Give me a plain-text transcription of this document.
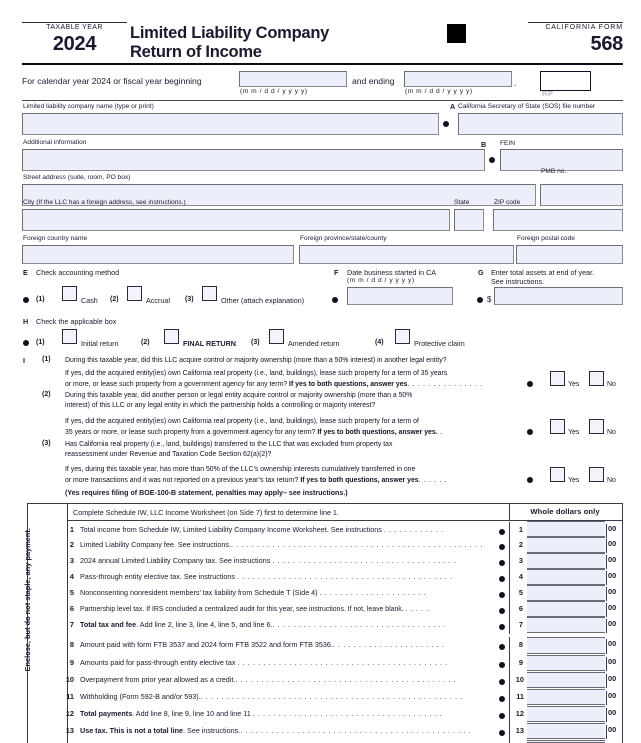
TAXABLE YEAR
2024	Limited Liability Company
Return of Income
CALIFORNIA FORM
568
For calendar year 2024 or fiscal year beginning
(m m / d d / y y y y)
and ending
(m m / d d / y y y y)
.
RP
Limited liability company name (type or print)	A California Secretary of State (SOS) file number
Additional information	B FEIN
Street address (suite, room, PO box)
PMB no.
City (If the LLC has a foreign address, see instructions.)	State	ZIP code
Foreign country name	Foreign province/state/county	Foreign postal code
E Check accounting method
(1)	Cash (2)	Accrual (3)	Other (attach explanation)
F Date business started in CA
(m m / d d / y y y y)
G Enter total assets at end of year.
See instructions.
$
H Check the applicable box
(1)	Initial return	(2)	FINAL RETURN (3)	Amended return	(4)	Protective claim
I (1) During this taxable year, did this LLC acquire control or majority ownership (more than a 50% interest) in another legal entity?
If yes, did the acquired entity(ies) own California real property (i.e., land, buildings), lease such property for a term of 35 years
or more, or lease such property from a government agency for any term? If yes to both questions, answer yes. . . . . . . . . . . . . . .	Yes	No
(2) During this taxable year, did another person or legal entity acquire control or majority ownership (more than a 50%
interest) of this LLC or any legal entity in which the partnership holds a controlling or majority interest?
If yes, did the acquired entity(ies) own California real property (i.e., land, buildings), lease such property for a term of
35 years or more, or lease such property from a government agency for any term? If yes to both questions, answer yes. .	Yes	No
(3) Has California real property (i.e., land, buildings) transferred to the LLC that was excluded from property tax
reassessment under Revenue and Taxation Code Section 62(a)(2)?
If yes, during this taxable year, has more than 50% of the LLC’s ownership interests cumulatively transferred in one
or more transactions and it was not reported on a previous year’s tax return? If yes to both questions, answer yes. . . . . .	Yes	No
(Yes requires filing of BOE-100-B statement, penalties may apply– see instructions.)
Enclose, but do not staple, any payment.
Complete Schedule IW, LLC Income Worksheet (on Side 7) first to determine line 1.	Whole dollars only
1 Total income from Schedule IW, Limited Liability Company Income Worksheet. See instructions . . . . . . . . . . . .	1	00
2 Limited Liability Company fee. See instructions.. . . . . . . . . . . . . . . . . . . . . . . . . . . . . . . . . . . . . . . . . . . . . . . . .	2	00
3 2024 annual Limited Liability Company tax. See instructions . . . . . . . . . . . . . . . . . . . . . . . . . . . . . . . . . . . .	3	00
4 Pass-through entity elective tax. See instructions . . . . . . . . . . . . . . . . . . . . . . . . . . . . . . . . . . . . . . . . . .	4	00
5 Nonconsenting nonresident members’ tax liability from Schedule T (Side 4) . . . . . . . . . . . . . . . . . . . . .	5	00
6 Partnership level tax. If IRS concluded a centralized audit for this year, see instructions. If not, leave blank. . . . . .	6	00
7 Total tax and fee. Add line 2, line 3, line 4, line 5, and line 6.. . . . . . . . . . . . . . . . . . . . . . . . . . . . . . . . . .	7	00
8 Amount paid with form FTB 3537 and 2024 form FTB 3522 and form FTB 3536.. . . . . . . . . . . . . . . . . . . . . .	8	00
9 Amounts paid for pass-through entity elective tax . . . . . . . . . . . . . . . . . . . . . . . . . . . . . . . . . . . . . . . . .	9	00
10 Overpayment from prior year allowed as a credit.. . . . . . . . . . . . . . . . . . . . . . . . . . . . . . . . . . . . . . . . . . .	10	00
11 Withholding (Form 592-B and/or 593).. . . . . . . . . . . . . . . . . . . . . . . . . . . . . . . . . . . . . . . . . . . . . . . . . . .	11	00
12 Total payments. Add line 8, line 9, line 10 and line 11 . . . . . . . . . . . . . . . . . . . . . . . . . . . . . . . . . . . . .	12	00
13 Use tax. This is not a total line. See instructions.. . . . . . . . . . . . . . . . . . . . . . . . . . . . . . . . . . . . . . . . . . . . .	13	00
